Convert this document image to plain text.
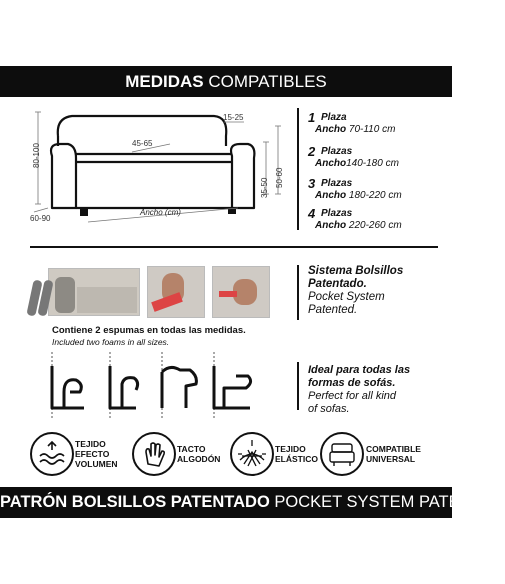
MEDIDAS COMPATIBLES
80-100
35-50 50-60
45-65
15-25
60-90
Ancho (cm)
1 Plaza
Ancho 70-110 cm
2 Plazas
Ancho140-180 cm
3 Plazas
Ancho 180-220 cm
4 Plazas
Ancho 220-260 cm
Sistema Bolsillos
Patentado.
Pocket System
Patented.
Contiene 2 espumas en todas las medidas.
Included two foams in all sizes.
Ideal para todas las
formas de sofás.
Perfect for all kind
of sofas.
TEJIDO
EFECTO
VOLUMEN
TACTO
ALGODÓN
TEJIDO
ELÁSTICO
COMPATIBLE
UNIVERSAL
PATRÓN BOLSILLOS PATENTADO POCKET SYSTEM PATENTED
